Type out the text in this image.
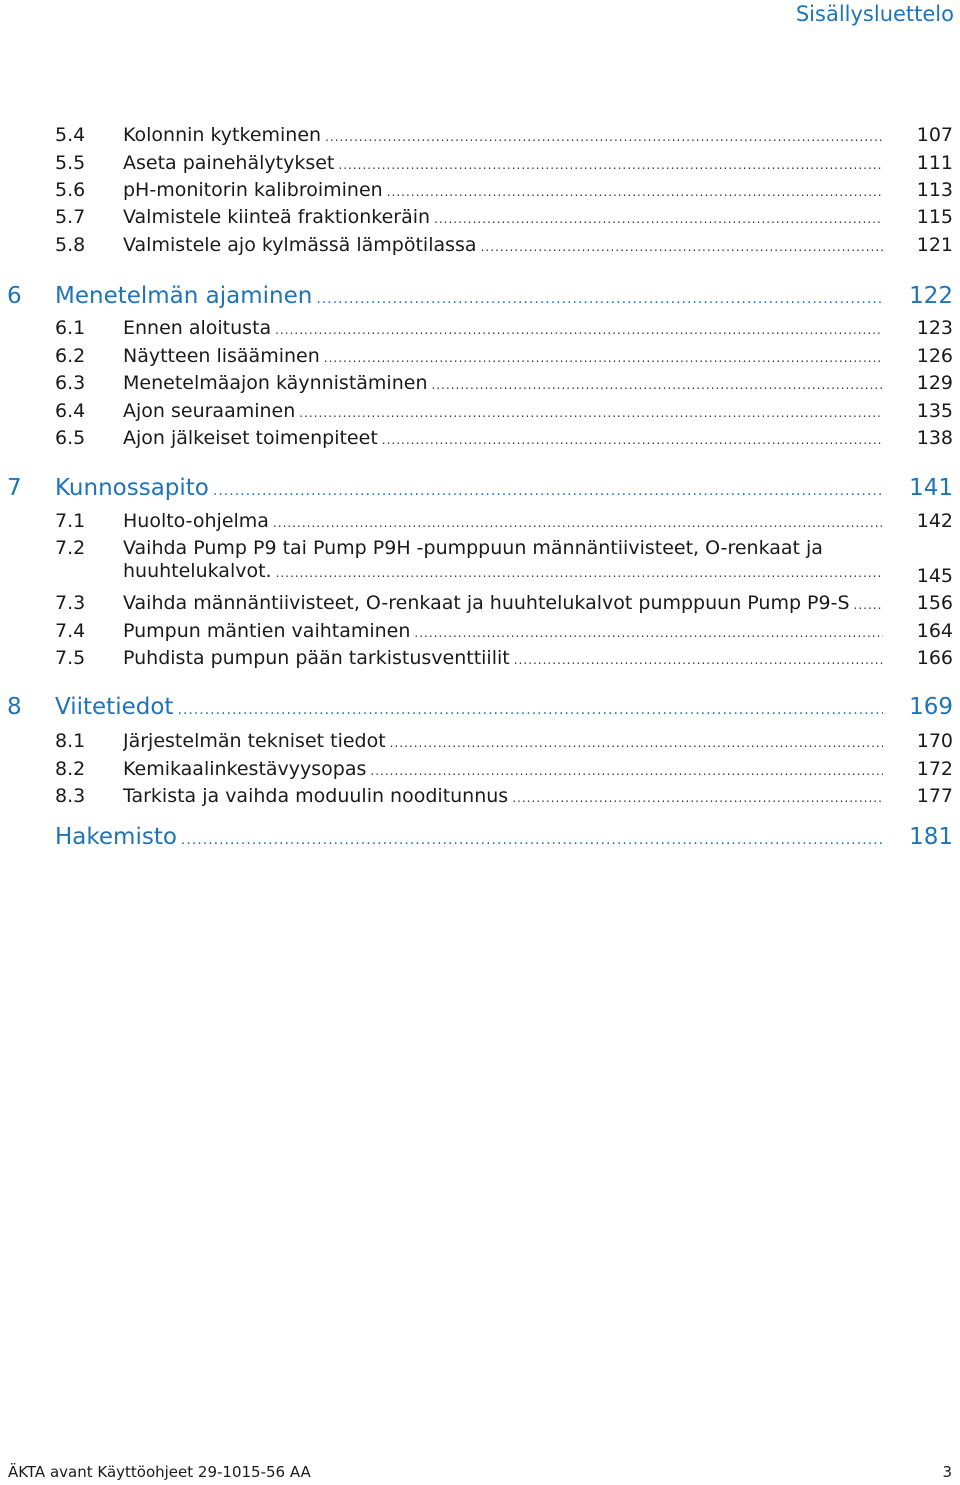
Sisällysluettelo
5.4 Kolonnin kytkeminen .....	107
5.5 Aseta painehälytykset .....	111
5.6 pH-monitorin kalibroiminen .....	113
5.7 Valmistele kiinteä fraktionkeräin .....	115
5.8 Valmistele ajo kylmässä lämpötilassa .....	121
6 Menetelmän ajaminen .....	122
6.1 Ennen aloitusta .....	123
6.2 Näytteen lisääminen .....	126
6.3 Menetelmäajon käynnistäminen .....	129
6.4 Ajon seuraaminen .....	135
6.5 Ajon jälkeiset toimenpiteet .....	138
7 Kunnossapito .....	141
7.1 Huolto-ohjelma .....	142
7.2 Vaihda Pump P9 tai Pump P9H -pumppuun männäntiivisteet, O-renkaat ja
huuhtelukalvot. .....	145
7.3 Vaihda männäntiivisteet, O-renkaat ja huuhtelukalvot pumppuun Pump P9-S .....	156
7.4 Pumpun mäntien vaihtaminen .....	164
7.5 Puhdista pumpun pään tarkistusventtiilit .....	166
8 Viitetiedot .....	169
8.1 Järjestelmän tekniset tiedot .....	170
8.2 Kemikaalinkestävyysopas .....	172
8.3 Tarkista ja vaihda moduulin nooditunnus .....	177
Hakemisto .....	181
ÄKTA avant Käyttöohjeet 29-1015-56 AA	3
